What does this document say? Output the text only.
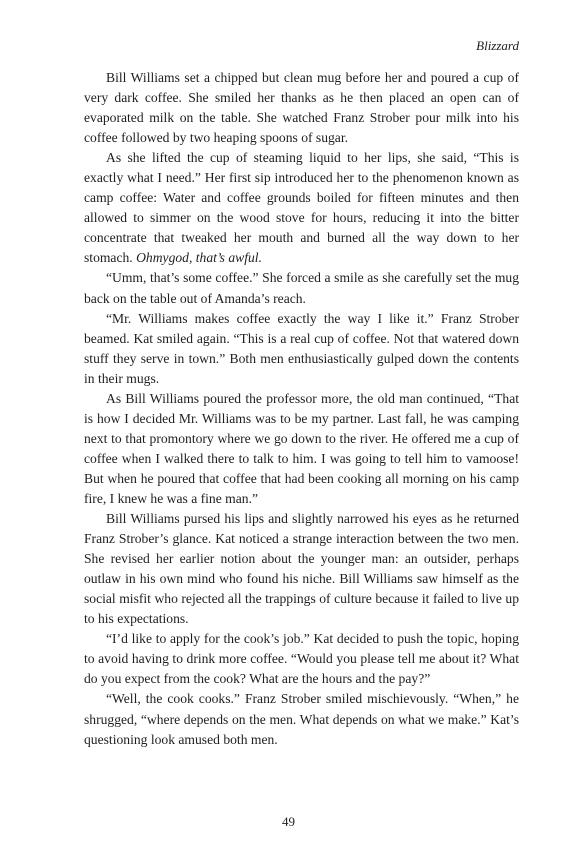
Blizzard

Bill Williams set a chipped but clean mug before her and poured a cup of very dark coffee. She smiled her thanks as he then placed an open can of evaporated milk on the table. She watched Franz Strober pour milk into his coffee followed by two heaping spoons of sugar.

As she lifted the cup of steaming liquid to her lips, she said, “This is exactly what I need.” Her first sip introduced her to the phenomenon known as camp coffee: Water and coffee grounds boiled for fifteen minutes and then allowed to simmer on the wood stove for hours, reducing it into the bitter concentrate that tweaked her mouth and burned all the way down to her stomach. Ohmygod, that’s awful.

“Umm, that’s some coffee.” She forced a smile as she carefully set the mug back on the table out of Amanda’s reach.

“Mr. Williams makes coffee exactly the way I like it.” Franz Strober beamed. Kat smiled again. “This is a real cup of coffee. Not that watered down stuff they serve in town.” Both men enthusiastically gulped down the contents in their mugs.

As Bill Williams poured the professor more, the old man continued, “That is how I decided Mr. Williams was to be my partner. Last fall, he was camping next to that promontory where we go down to the river. He offered me a cup of coffee when I walked there to talk to him. I was going to tell him to vamoose! But when he poured that coffee that had been cooking all morning on his camp fire, I knew he was a fine man.”

Bill Williams pursed his lips and slightly narrowed his eyes as he returned Franz Strober’s glance. Kat noticed a strange interaction between the two men. She revised her earlier notion about the younger man: an outsider, perhaps outlaw in his own mind who found his niche. Bill Williams saw himself as the social misfit who rejected all the trappings of culture because it failed to live up to his expectations.

“I’d like to apply for the cook’s job.” Kat decided to push the topic, hoping to avoid having to drink more coffee. “Would you please tell me about it? What do you expect from the cook? What are the hours and the pay?”

“Well, the cook cooks.” Franz Strober smiled mischievously. “When,” he shrugged, “where depends on the men. What depends on what we make.” Kat’s questioning look amused both men.

49
